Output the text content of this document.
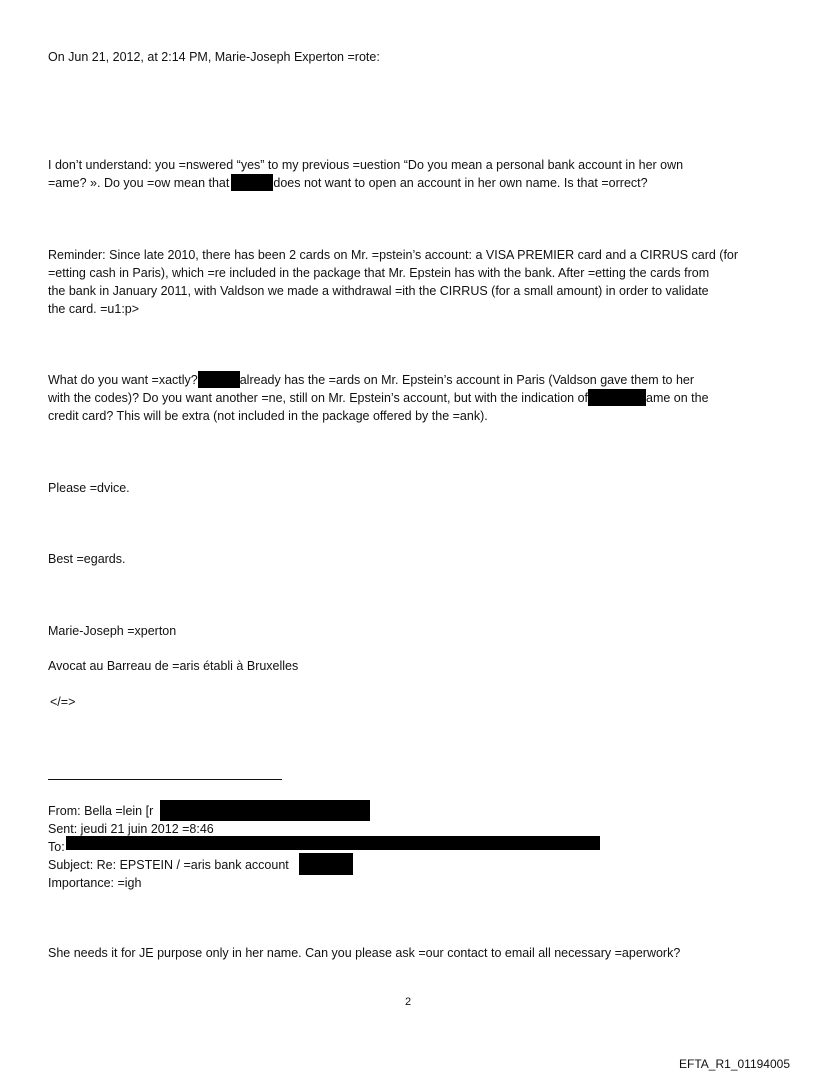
On Jun 21, 2012, at 2:14 PM, Marie-Joseph Experton =rote:

I don’t understand: you =nswered “yes” to my previous =uestion “Do you mean a personal bank account in her own

=ame? ». Do you =ow mean that	does not want to open an account in her own name. Is that =orrect?

Reminder: Since late 2010, there has been 2 cards on Mr. =pstein’s account: a VISA PREMIER card and a CIRRUS card (for

=etting cash in Paris), which =re included in the package that Mr. Epstein has with the bank. After =etting the cards from

the bank in January 2011, with Valdson we made a withdrawal =ith the CIRRUS (for a small amount) in order to validate

the card. =u1:p>

What do you want =xactly?	already has the =ards on Mr. Epstein’s account in Paris (Valdson gave them to her

with the codes)? Do you want another =ne, still on Mr. Epstein’s account, but with the indication of	ame on the

credit card? This will be extra (not included in the package offered by the =ank).

Please =dvice.

Best =egards.

Marie-Joseph =xperton

Avocat au Barreau de =aris établi à Bruxelles

</=>

From: Bella =lein [r

Sent: jeudi 21 juin 2012 =8:46

To:

Subject: Re: EPSTEIN / =aris bank account

Importance: =igh

She needs it for JE purpose only in her name. Can you please ask =our contact to email all necessary =aperwork?

2
EFTA_R1_01194005
